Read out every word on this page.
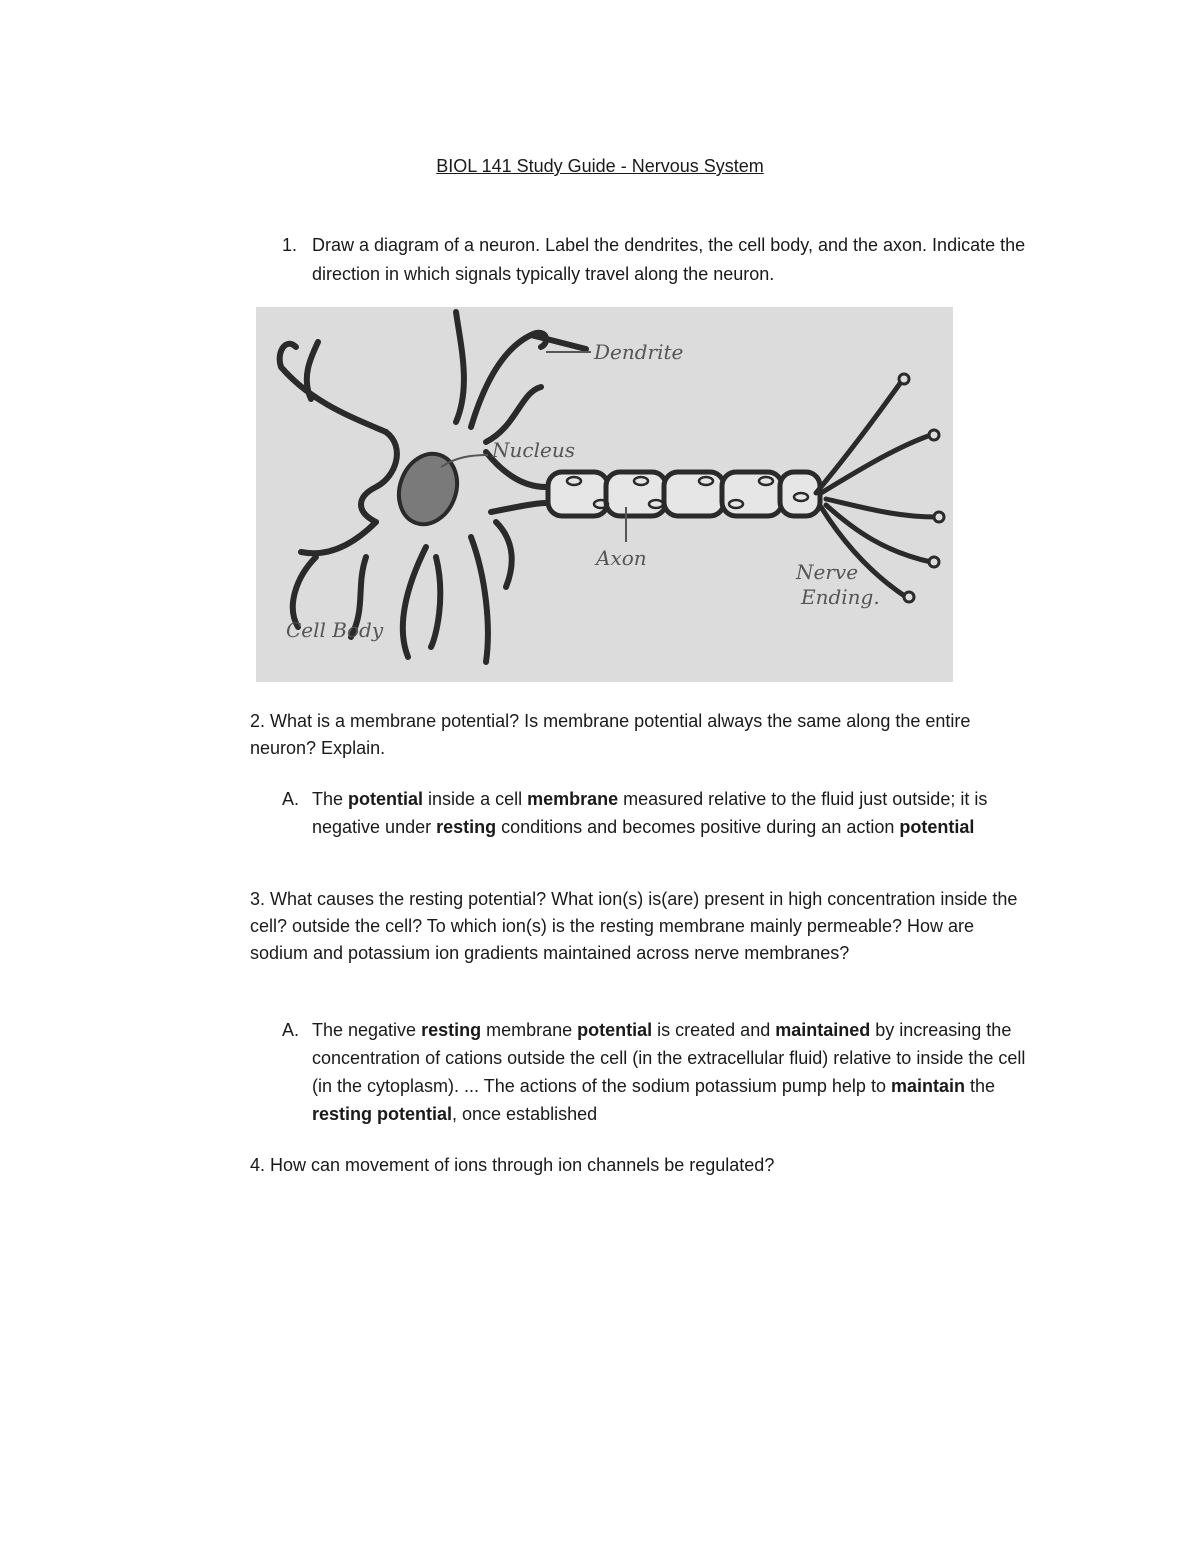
BIOL 141 Study Guide - Nervous System
1. Draw a diagram of a neuron. Label the dendrites, the cell body, and the axon. Indicate the direction in which signals typically travel along the neuron.
Dendrite
Nucleus
Axon
Nerve
Ending.
Cell Body
2. What is a membrane potential? Is membrane potential always the same along the entire neuron? Explain.
A. The potential inside a cell membrane measured relative to the fluid just outside; it is negative under resting conditions and becomes positive during an action potential
3. What causes the resting potential? What ion(s) is(are) present in high concentration inside the cell? outside the cell? To which ion(s) is the resting membrane mainly permeable? How are sodium and potassium ion gradients maintained across nerve membranes?
A. The negative resting membrane potential is created and maintained by increasing the concentration of cations outside the cell (in the extracellular fluid) relative to inside the cell (in the cytoplasm). ... The actions of the sodium potassium pump help to maintain the resting potential, once established
4. How can movement of ions through ion channels be regulated?
